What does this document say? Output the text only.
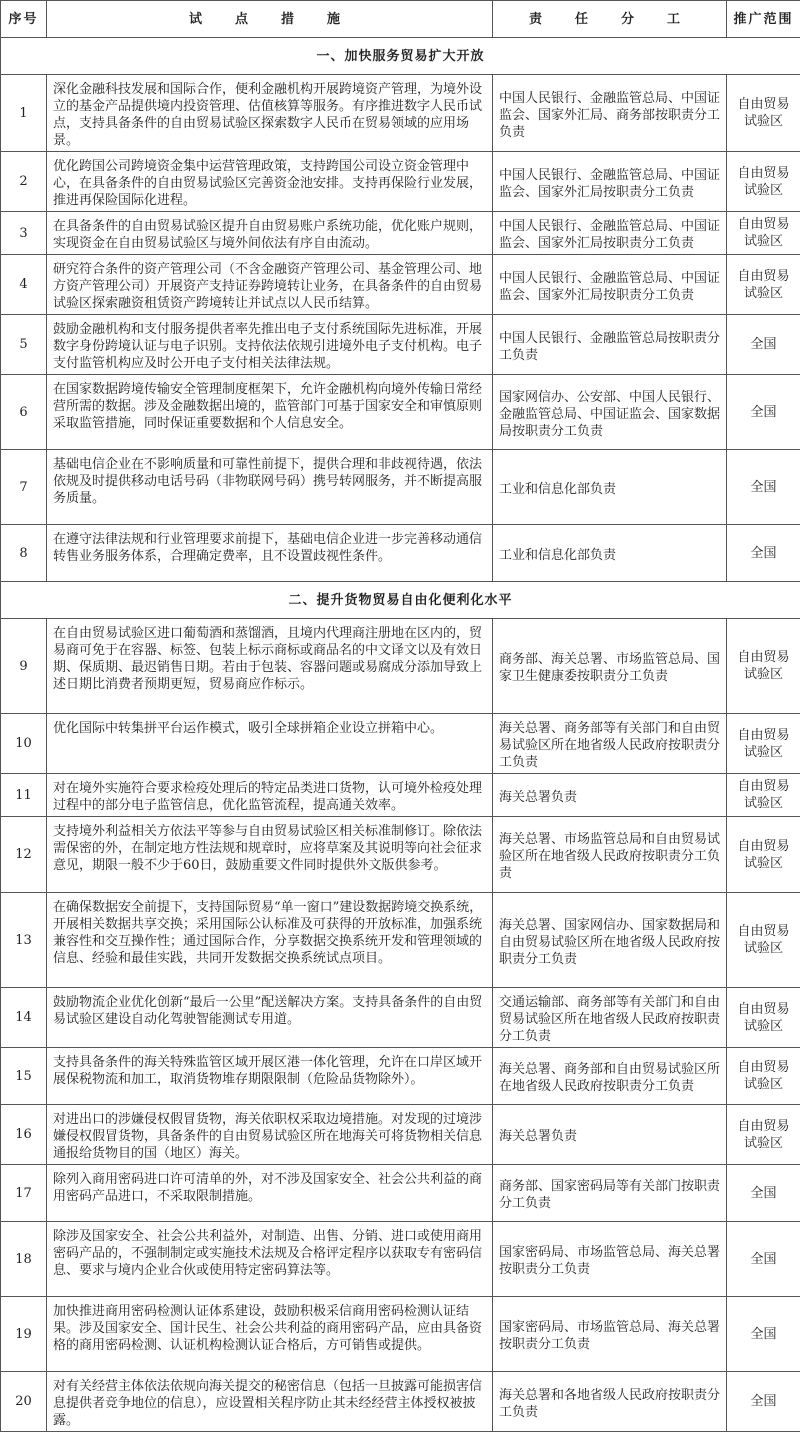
序号	试　点　措　施	责　任　分　工	推广范围
一、加快服务贸易扩大开放			
1	深化金融科技发展和国际合作，便利金融机构开展跨境资产管理，为境外设立的基金产品提供境内投资管理、估值核算等服务。有序推进数字人民币试点，支持具备条件的自由贸易试验区探索数字人民币在贸易领域的应用场景。	中国人民银行、金融监管总局、中国证监会、国家外汇局、商务部按职责分工负责	自由贸易试验区
2	优化跨国公司跨境资金集中运营管理政策，支持跨国公司设立资金管理中心，在具备条件的自由贸易试验区完善资金池安排。支持再保险行业发展，推进再保险国际化进程。	中国人民银行、金融监管总局、中国证监会、国家外汇局按职责分工负责	自由贸易试验区
3	在具备条件的自由贸易试验区提升自由贸易账户系统功能，优化账户规则，实现资金在自由贸易试验区与境外间依法有序自由流动。	中国人民银行、金融监管总局、中国证监会、国家外汇局按职责分工负责	自由贸易试验区
4	研究符合条件的资产管理公司（不含金融资产管理公司、基金管理公司、地方资产管理公司）开展资产支持证券跨境转让业务，在具备条件的自由贸易试验区探索融资租赁资产跨境转让并试点以人民币结算。	中国人民银行、金融监管总局、中国证监会、国家外汇局按职责分工负责	自由贸易试验区
5	鼓励金融机构和支付服务提供者率先推出电子支付系统国际先进标准，开展数字身份跨境认证与电子识别。支持依法依规引进境外电子支付机构。电子支付监管机构应及时公开电子支付相关法律法规。	中国人民银行、金融监管总局按职责分工负责	全国
6	在国家数据跨境传输安全管理制度框架下，允许金融机构向境外传输日常经营所需的数据。涉及金融数据出境的，监管部门可基于国家安全和审慎原则采取监管措施，同时保证重要数据和个人信息安全。	国家网信办、公安部、中国人民银行、金融监管总局、中国证监会、国家数据局按职责分工负责	全国
7	基础电信企业在不影响质量和可靠性前提下，提供合理和非歧视待遇，依法依规及时提供移动电话号码（非物联网号码）携号转网服务，并不断提高服务质量。	工业和信息化部负责	全国
8	在遵守法律法规和行业管理要求前提下，基础电信企业进一步完善移动通信转售业务服务体系，合理确定费率，且不设置歧视性条件。	工业和信息化部负责	全国
二、提升货物贸易自由化便利化水平			
9	在自由贸易试验区进口葡萄酒和蒸馏酒，且境内代理商注册地在区内的，贸易商可免于在容器、标签、包装上标示商标或商品名的中文译文以及有效日期、保质期、最迟销售日期。若由于包装、容器问题或易腐成分添加导致上述日期比消费者预期更短，贸易商应作标示。	商务部、海关总署、市场监管总局、国家卫生健康委按职责分工负责	自由贸易试验区
10	优化国际中转集拼平台运作模式，吸引全球拼箱企业设立拼箱中心。	海关总署、商务部等有关部门和自由贸易试验区所在地省级人民政府按职责分工负责	自由贸易试验区
11	对在境外实施符合要求检疫处理后的特定品类进口货物，认可境外检疫处理过程中的部分电子监管信息，优化监管流程，提高通关效率。	海关总署负责	自由贸易试验区
12	支持境外利益相关方依法平等参与自由贸易试验区相关标准制修订。除依法需保密的外，在制定地方性法规和规章时，应将草案及其说明等向社会征求意见，期限一般不少于60日，鼓励重要文件同时提供外文版供参考。	海关总署、市场监管总局和自由贸易试验区所在地省级人民政府按职责分工负责	自由贸易试验区
13	在确保数据安全前提下，支持国际贸易“单一窗口”建设数据跨境交换系统，开展相关数据共享交换；采用国际公认标准及可获得的开放标准，加强系统兼容性和交互操作性；通过国际合作，分享数据交换系统开发和管理领域的信息、经验和最佳实践，共同开发数据交换系统试点项目。	海关总署、国家网信办、国家数据局和自由贸易试验区所在地省级人民政府按职责分工负责	自由贸易试验区
14	鼓励物流企业优化创新“最后一公里”配送解决方案。支持具备条件的自由贸易试验区建设自动化驾驶智能测试专用道。	交通运输部、商务部等有关部门和自由贸易试验区所在地省级人民政府按职责分工负责	自由贸易试验区
15	支持具备条件的海关特殊监管区域开展区港一体化管理，允许在口岸区域开展保税物流和加工，取消货物堆存期限限制（危险品货物除外）。	海关总署、商务部和自由贸易试验区所在地省级人民政府按职责分工负责	自由贸易试验区
16	对进出口的涉嫌侵权假冒货物，海关依职权采取边境措施。对发现的过境涉嫌侵权假冒货物，具备条件的自由贸易试验区所在地海关可将货物相关信息通报给货物目的国（地区）海关。	海关总署负责	自由贸易试验区
17	除列入商用密码进口许可清单的外，对不涉及国家安全、社会公共利益的商用密码产品进口，不采取限制措施。	商务部、国家密码局等有关部门按职责分工负责	全国
18	除涉及国家安全、社会公共利益外，对制造、出售、分销、进口或使用商用密码产品的，不强制制定或实施技术法规及合格评定程序以获取专有密码信息、要求与境内企业合伙或使用特定密码算法等。	国家密码局、市场监管总局、海关总署按职责分工负责	全国
19	加快推进商用密码检测认证体系建设，鼓励积极采信商用密码检测认证结果。涉及国家安全、国计民生、社会公共利益的商用密码产品，应由具备资格的商用密码检测、认证机构检测认证合格后，方可销售或提供。	国家密码局、市场监管总局、海关总署按职责分工负责	全国
20	对有关经营主体依法依规向海关提交的秘密信息（包括一旦披露可能损害信息提供者竞争地位的信息），应设置相关程序防止其未经经营主体授权被披露。	海关总署和各地省级人民政府按职责分工负责	全国
